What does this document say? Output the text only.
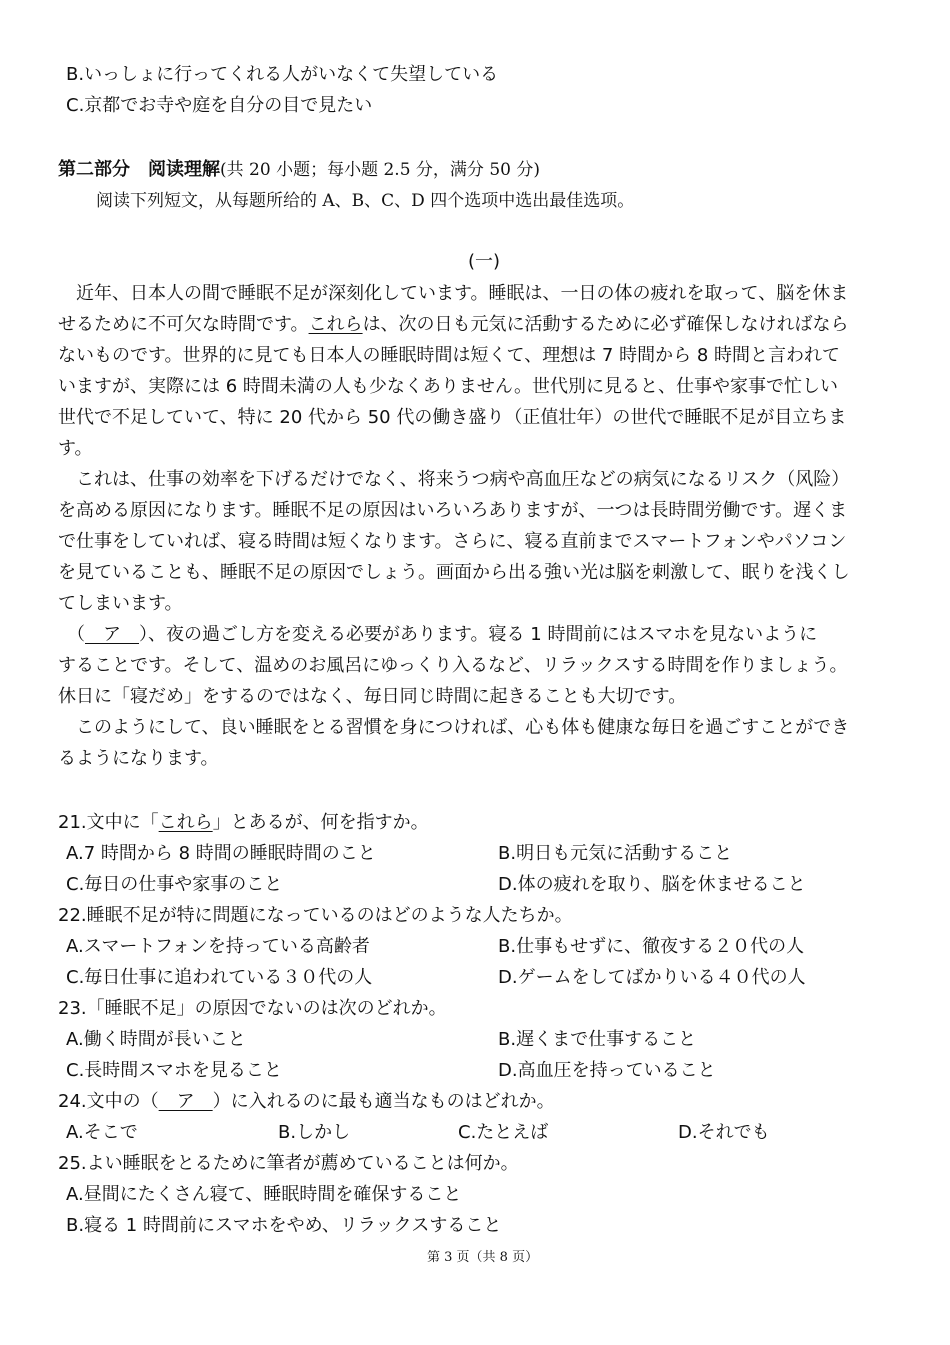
B.いっしょに行ってくれる人がいなくて失望している
C.京都でお寺や庭を自分の目で見たい
第二部分　阅读理解(共 20 小题；每小题 2.5 分，满分 50 分)
阅读下列短文，从每题所给的 A、B、C、D 四个选项中选出最佳选项。
(一)
　近年、日本人の間で睡眠不足が深刻化しています。睡眠は、一日の体の疲れを取って、脳を休ま
せるために不可欠な時間です。これらは、次の日も元気に活動するために必ず確保しなければなら
ないものです。世界的に見ても日本人の睡眠時間は短くて、理想は 7 時間から 8 時間と言われて
いますが、実際には 6 時間未満の人も少なくありません。世代別に見ると、仕事や家事で忙しい
世代で不足していて、特に 20 代から 50 代の働き盛り（正值壮年）の世代で睡眠不足が目立ちま
す。
　これは、仕事の効率を下げるだけでなく、将来うつ病や高血圧などの病気になるリスク（风险）
を高める原因になります。睡眠不足の原因はいろいろありますが、一つは長時間労働です。遅くま
で仕事をしていれば、寝る時間は短くなります。さらに、寝る直前までスマートフォンやパソコン
を見ていることも、睡眠不足の原因でしょう。画面から出る強い光は脳を刺激して、眠りを浅くし
てしまいます。
　（　ア　）、夜の過ごし方を変える必要があります。寝る 1 時間前にはスマホを見ないように
することです。そして、温めのお風呂にゆっくり入るなど、リラックスする時間を作りましょう。
休日に「寝だめ」をするのではなく、毎日同じ時間に起きることも大切です。
　このようにして、良い睡眠をとる習慣を身につければ、心も体も健康な毎日を過ごすことができ
るようになります。
21.文中に「これら」とあるが、何を指すか。
A.7 時間から 8 時間の睡眠時間のこと	B.明日も元気に活動すること
C.毎日の仕事や家事のこと	D.体の疲れを取り、脳を休ませること
22.睡眠不足が特に問題になっているのはどのような人たちか。
A.スマートフォンを持っている高齢者	B.仕事もせずに、徹夜する２０代の人
C.毎日仕事に追われている３０代の人	D.ゲームをしてばかりいる４０代の人
23.「睡眠不足」の原因でないのは次のどれか。
A.働く時間が長いこと	B.遅くまで仕事すること
C.長時間スマホを見ること	D.高血圧を持っていること
24.文中の（　ア　）に入れるのに最も適当なものはどれか。
A.そこで	B.しかし	C.たとえば	D.それでも
25.よい睡眠をとるために筆者が薦めていることは何か。
A.昼間にたくさん寝て、睡眠時間を確保すること
B.寝る 1 時間前にスマホをやめ、リラックスすること
第 3 页（共 8 页）
